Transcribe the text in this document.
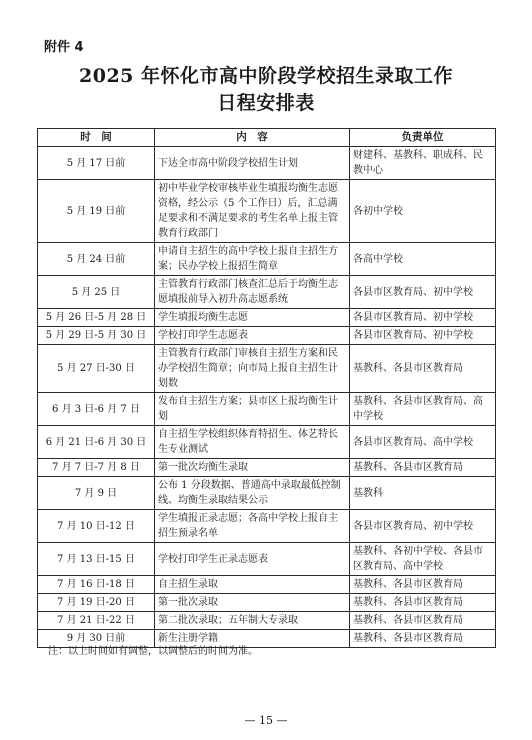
附件 4
2025 年怀化市高中阶段学校招生录取工作
日程安排表
时　间	内　容	负责单位
5 月 17 日前	下达全市高中阶段学校招生计划	财建科、基教科、职成科、民教中心
5 月 19 日前	初中毕业学校审核毕业生填报均衡生志愿资格，经公示（5 个工作日）后，汇总满足要求和不满足要求的考生名单上报主管教育行政部门	各初中学校
5 月 24 日前	申请自主招生的高中学校上报自主招生方案；民办学校上报招生简章	各高中学校
5 月 25 日	主管教育行政部门核查汇总后于均衡生志愿填报前导入初升高志愿系统	各县市区教育局、初中学校
5 月 26 日-5 月 28 日	学生填报均衡生志愿	各县市区教育局、初中学校
5 月 29 日-5 月 30 日	学校打印学生志愿表	各县市区教育局、初中学校
5 月 27 日-30 日	主管教育行政部门审核自主招生方案和民办学校招生简章；向市局上报自主招生计划数	基教科、各县市区教育局
6 月 3 日-6 月 7 日	发布自主招生方案；县市区上报均衡生计划	基教科、各县市区教育局、高中学校
6 月 21 日-6 月 30 日	自主招生学校组织体育特招生、体艺特长生专业测试	各县市区教育局、高中学校
7 月 7 日-7 月 8 日	第一批次均衡生录取	基教科、各县市区教育局
7 月 9 日	公布 1 分段数据、普通高中录取最低控制线、均衡生录取结果公示	基教科
7 月 10 日-12 日	学生填报正录志愿；各高中学校上报自主招生预录名单	各县市区教育局、初中学校
7 月 13 日-15 日	学校打印学生正录志愿表	基教科、各初中学校、各县市区教育局、高中学校
7 月 16 日-18 日	自主招生录取	基教科、各县市区教育局
7 月 19 日-20 日	第一批次录取	基教科、各县市区教育局
7 月 21 日-22 日	第二批次录取；五年制大专录取	基教科、各县市区教育局
9 月 30 日前	新生注册学籍	基教科、各县市区教育局
注：以上时间如有调整，以调整后的时间为准。
— 15 —
